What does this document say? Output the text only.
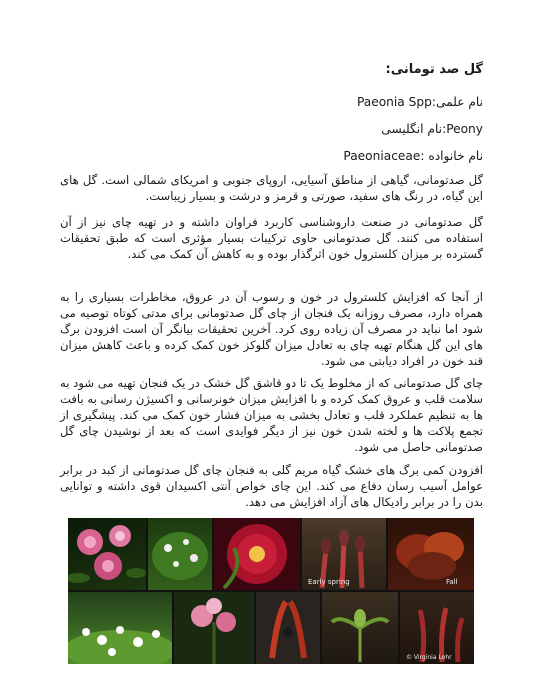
گل صد تومانی:
نام علمی:Paeonia Spp
Peony:نام انگلیسی
نام خانواده :Paeoniaceae
گل صدتومانی، گیاهی از مناطق آسیایی، اروپای جنوبی و امریکای شمالی است. گل های این گیاه، در رنگ های سفید، صورتی و قرمز و درشت و بسیار زیباست.
گل صدتومانی در صنعت داروشناسی کاربرد فراوان داشته و در تهیه چای نیز از آن استفاده می کنند. گل صدتومانی حاوی ترکیبات بسیار مؤثری است که طبق تحقیقات گسترده بر میزان کلسترول خون اثرگذار بوده و به کاهش آن کمک می کند.
از آنجا که افزایش کلسترول در خون و رسوب آن در عروق، مخاطرات بسیاری را به همراه دارد، مصرف روزانه یک فنجان از چای گل صدتومانی برای مدتی کوتاه توصیه می شود اما نباید در مصرف آن زیاده روی کرد. آخرین تحقیقات بیانگر آن است افزودن برگ های این گل هنگام تهیه چای به تعادل میزان گلوکز خون کمک کرده و باعث کاهش میزان قند خون در افراد دیابتی می شود.
چای گل صدتومانی که از مخلوط یک تا دو قاشق گل خشک در یک فنجان تهیه می شود به سلامت قلب و عروق کمک کرده و با افزایش میزان خونرسانی و اکسیژن رسانی به بافت ها به تنظیم عملکرد قلب و تعادل بخشی به میزان فشار خون کمک می کند. پیشگیری از تجمع پلاکت ها و لخته شدن خون نیز از دیگر فوایدی است که بعد از نوشیدن چای گل صدتومانی حاصل می شود.
افزودن کمی برگ های خشک گیاه مریم گلی به فنجان چای گل صدتومانی از کبد در برابر عوامل آسیب رسان دفاع می کند. این چای خواص آنتی اکسیدان قوی داشته و توانایی بدن را در برابر رادیکال های آزاد افزایش می دهد.
Early spring	Fall
© Virginia Lohr
